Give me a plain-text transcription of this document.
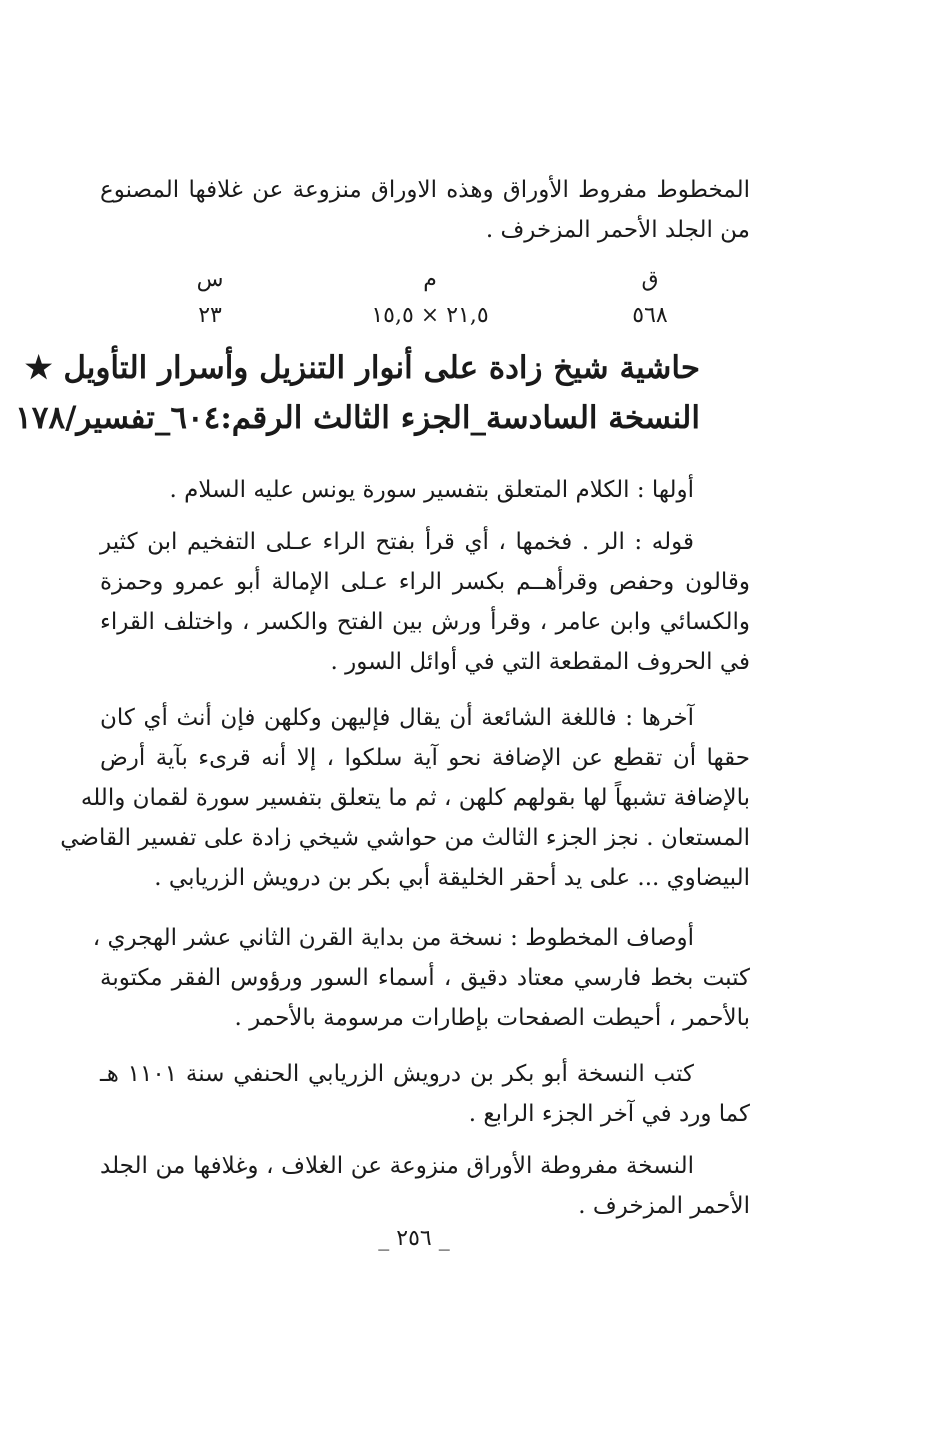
المخطوط مفروط الأوراق وهذه الاوراق منزوعة عن غلافها المصنوع
من الجلد الأحمر المزخرف .
ق
م
س
٥٦٨
٢١,٥ × ١٥,٥
٢٣
حاشية شيخ زادة على أنوار التنزيل وأسرار التأويل ★
النسخة السادسة_الجزء الثالث الرقم:٦٠٤_تفسير/١٧٨
أولها : الكلام المتعلق بتفسير سورة يونس عليه السلام .
قوله : الر . فخمها ، أي قرأ بفتح الراء عـلى التفخيم ابن كثير
وقالون وحفص وقرأهــم بكسر الراء عـلى الإمالة أبو عمرو وحمزة
والكسائي وابن عامر ، وقرأ ورش بين الفتح والكسر ، واختلف القراء
في الحروف المقطعة التي في أوائل السور .
آخرها : فاللغة الشائعة أن يقال فإليهن وكلهن فإن أنث أي كان
حقها أن تقطع عن الإضافة نحو آية سلكوا ، إلا أنه قرىء بآية أرض
بالإضافة تشبهاً لها بقولهم كلهن ، ثم ما يتعلق بتفسير سورة لقمان والله
المستعان . نجز الجزء الثالث من حواشي شيخي زادة على تفسير القاضي
البيضاوي ... على يد أحقر الخليقة أبي بكر بن درويش الزريابي .
أوصاف المخطوط : نسخة من بداية القرن الثاني عشر الهجري ،
كتبت بخط فارسي معتاد دقيق ، أسماء السور ورؤوس الفقر مكتوبة
بالأحمر ، أحيطت الصفحات بإطارات مرسومة بالأحمر .
كتب النسخة أبو بكر بن درويش الزريابي الحنفي سنة ١١٠١ هـ
كما ورد في آخر الجزء الرابع .
النسخة مفروطة الأوراق منزوعة عن الغلاف ، وغلافها من الجلد
الأحمر المزخرف .
_ ٢٥٦ _
